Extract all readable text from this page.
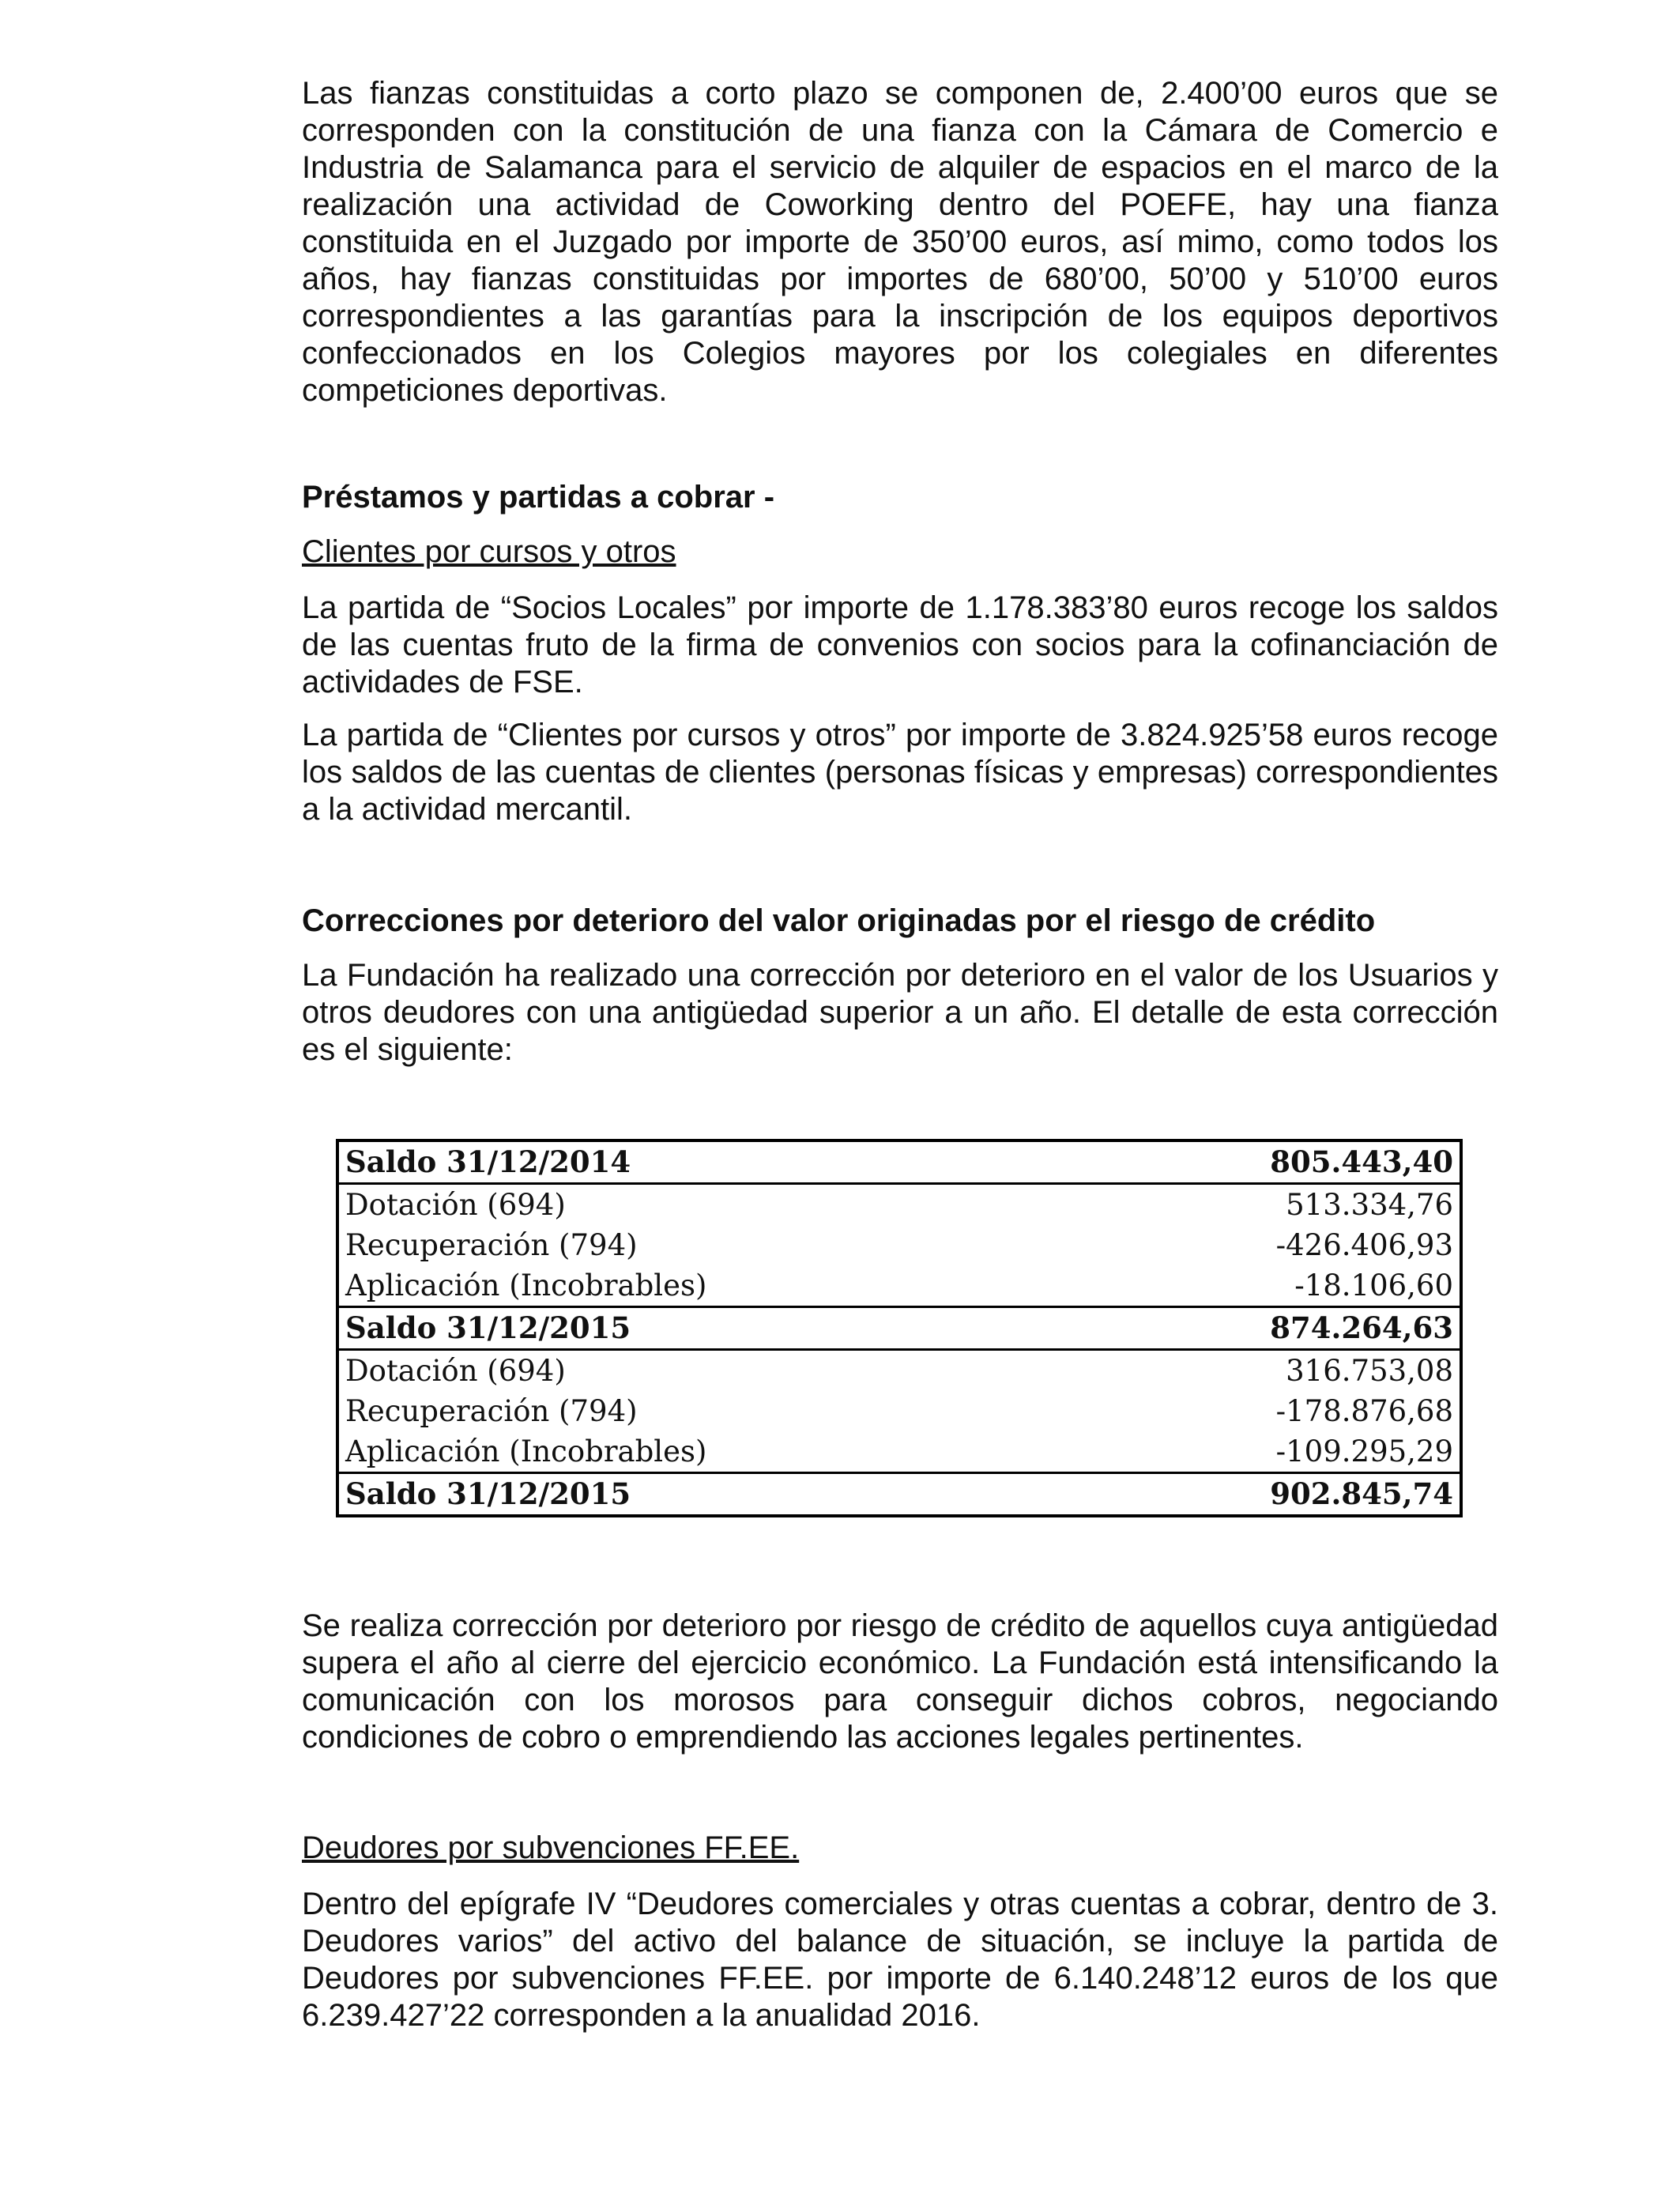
Las fianzas constituidas a corto plazo se componen de, 2.400’00 euros que se corresponden con la constitución de una fianza con la Cámara de Comercio e Industria de Salamanca para el servicio de alquiler de espacios en el marco de la realización una actividad de Coworking dentro del POEFE, hay una fianza constituida en el Juzgado por importe de 350’00 euros, así mimo, como todos los años, hay fianzas constituidas por importes de 680’00, 50’00 y 510’00 euros correspondientes a las garantías para la inscripción de los equipos deportivos confeccionados en los Colegios mayores por los colegiales en diferentes competiciones deportivas.

Préstamos y partidas a cobrar -

Clientes por cursos y otros

La partida de “Socios Locales” por importe de 1.178.383’80 euros recoge los saldos de las cuentas fruto de la firma de convenios con socios para la cofinanciación de actividades de FSE.

La partida de “Clientes por cursos y otros” por importe de 3.824.925’58 euros recoge los saldos de las cuentas de clientes (personas físicas y empresas) correspondientes a la actividad mercantil.

Correcciones por deterioro del valor originadas por el riesgo de crédito

La Fundación ha realizado una corrección por deterioro en el valor de los Usuarios y otros deudores con una antigüedad superior a un año. El detalle de esta corrección es el siguiente:

Saldo 31/12/2014	805.443,40
Dotación (694)	513.334,76
Recuperación (794)	-426.406,93
Aplicación (Incobrables)	-18.106,60
Saldo 31/12/2015	874.264,63
Dotación (694)	316.753,08
Recuperación (794)	-178.876,68
Aplicación (Incobrables)	-109.295,29
Saldo 31/12/2015	902.845,74

Se realiza corrección por deterioro por riesgo de crédito de aquellos cuya antigüedad supera el año al cierre del ejercicio económico. La Fundación está intensificando la comunicación con los morosos para conseguir dichos cobros, negociando condiciones de cobro o emprendiendo las acciones legales pertinentes.

Deudores por subvenciones FF.EE.

Dentro del epígrafe IV “Deudores comerciales y otras cuentas a cobrar, dentro de 3. Deudores varios” del activo del balance de situación, se incluye la partida de Deudores por subvenciones FF.EE. por importe de 6.140.248’12 euros de los que 6.239.427’22 corresponden a la anualidad 2016.
